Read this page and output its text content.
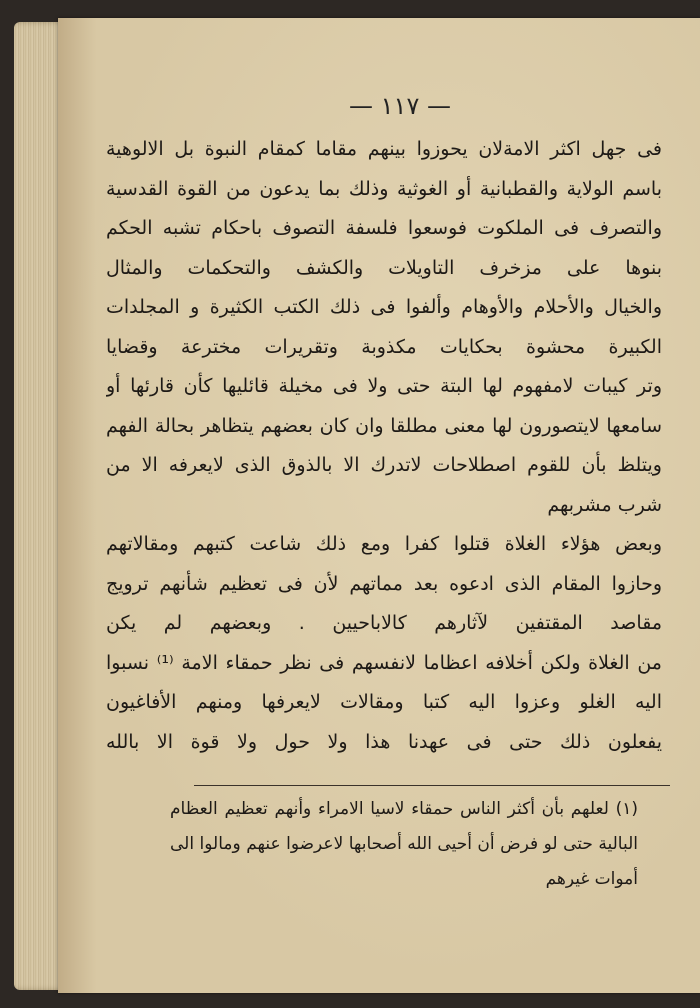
— ١١٧ —
فى جهل اكثر الامةلان يحوزوا بينهم مقاما كمقام النبوة بل الالوهية
باسم الولاية والقطبانية أو الغوثية وذلك بما يدعون من القوة القدسية
والتصرف فى الملكوت فوسعوا فلسفة التصوف باحكام تشبه الحكم
بنوها على مزخرف التاويلات والكشف والتحكمات والمثال
والخيال والأحلام والأوهام وألفوا فى ذلك الكتب الكثيرة و المجلدات
الكبيرة محشوة بحكايات مكذوبة وتقريرات مخترعة وقضايا
وتر كيبات لامفهوم لها البتة حتى ولا فى مخيلة قائليها كأن قارئها أو
سامعها لايتصورون لها معنى مطلقا وان كان بعضهم يتظاهر بحالة الفهم
ويتلظ بأن للقوم اصطلاحات لاتدرك الا بالذوق الذى لايعرفه الا من
شرب مشربهم
وبعض هؤلاء الغلاة قتلوا كفرا ومع ذلك شاعت كتبهم ومقالاتهم
وحازوا المقام الذى ادعوه بعد مماتهم لأن فى تعظيم شأنهم ترويج
مقاصد المقتفين لآثارهم كالاباحيين . وبعضهم لم يكن
من الغلاة ولكن أخلافه اعظاما لانفسهم فى نظر حمقاء الامة ⁽¹⁾ نسبوا
اليه الغلو وعزوا اليه كتبا ومقالات لايعرفها ومنهم الأفاغيون
يفعلون ذلك حتى فى عهدنا هذا ولا حول ولا قوة الا بالله
(١) لعلهم بأن أكثر الناس حمقاء لاسيا الامراء وأنهم تعظيم العظام
البالية حتى لو فرض أن أحيى الله أصحابها لاعرضوا عنهم ومالوا الى
أموات غيرهم
